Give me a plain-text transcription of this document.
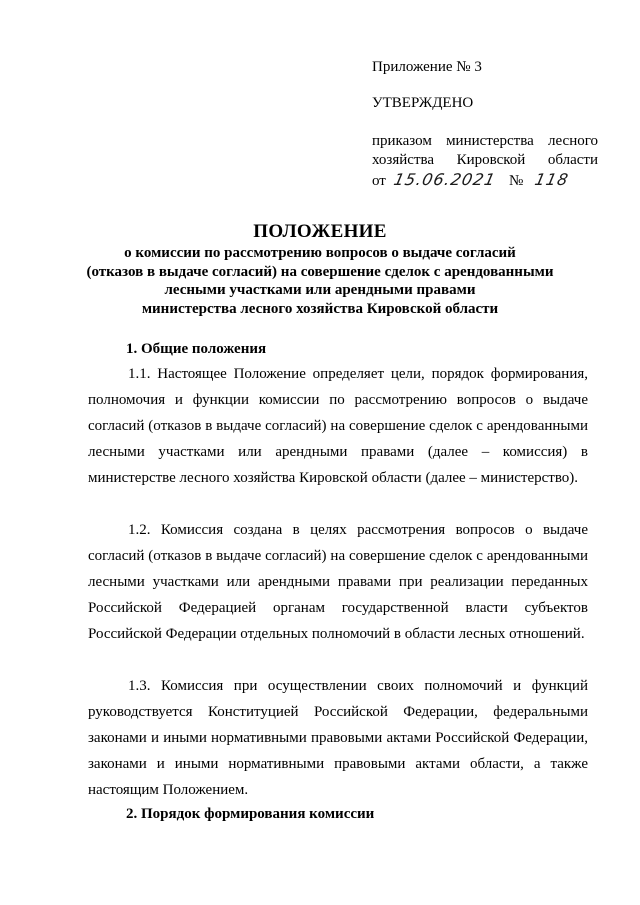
Приложение № 3
УТВЕРЖДЕНО
приказом министерства лесного
хозяйства Кировской области
от 15.06.2021 № 118
ПОЛОЖЕНИЕ
о комиссии по рассмотрению вопросов о выдаче согласий
(отказов в выдаче согласий) на совершение сделок с арендованными
лесными участками или арендными правами
министерства лесного хозяйства Кировской области
1. Общие положения

1.1. Настоящее Положение определяет цели, порядок формирования, полномочия и функции комиссии по рассмотрению вопросов о выдаче согласий (отказов в выдаче согласий) на совершение сделок с арендованными лесными участками или арендными правами (далее – комиссия) в министерстве лесного хозяйства Кировской области (далее – министерство).

1.2. Комиссия создана в целях рассмотрения вопросов о выдаче согласий (отказов в выдаче согласий) на совершение сделок с арендованными лесными участками или арендными правами при реализации переданных Российской Федерацией органам государственной власти субъектов Российской Федерации отдельных полномочий в области лесных отношений.

1.3. Комиссия при осуществлении своих полномочий и функций руководствуется Конституцией Российской Федерации, федеральными законами и иными нормативными правовыми актами Российской Федерации, законами и иными нормативными правовыми актами области, а также настоящим Положением.

2. Порядок формирования комиссии
